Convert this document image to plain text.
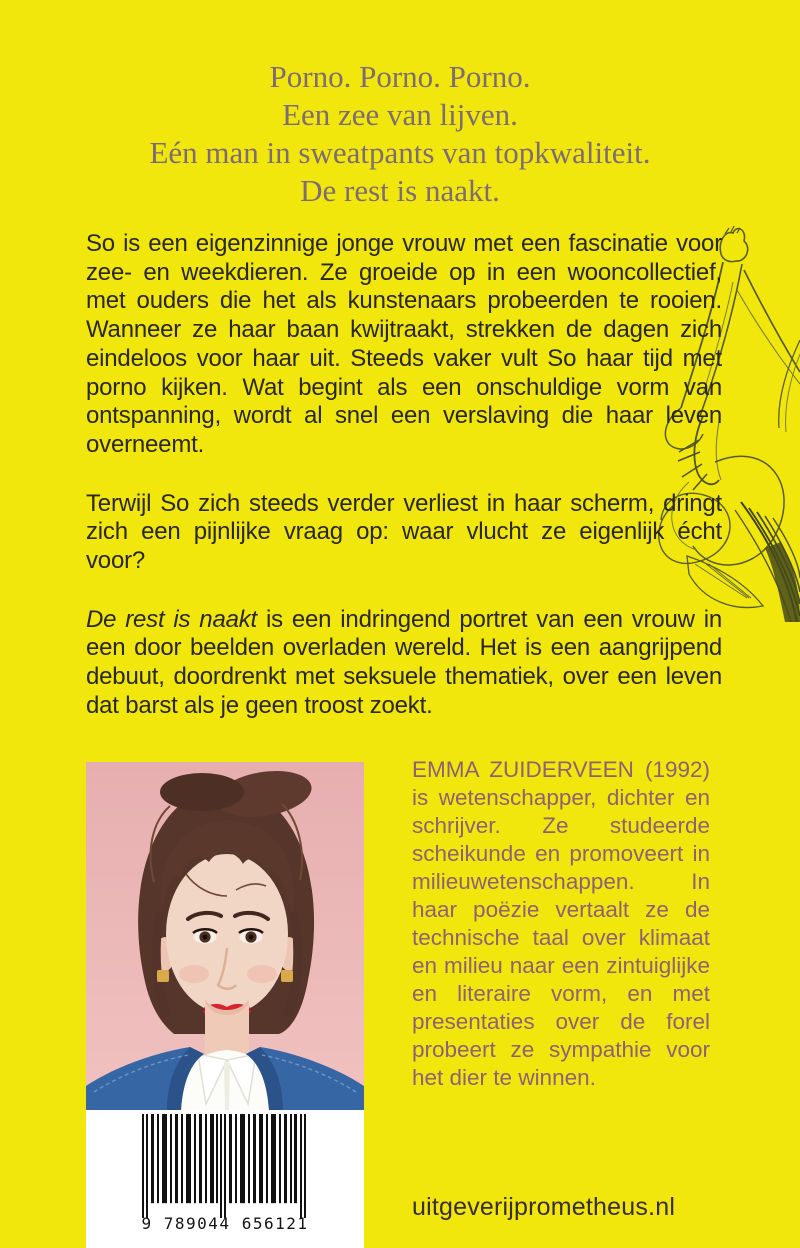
Porno. Porno. Porno.
Een zee van lijven.
Eén man in sweatpants van topkwaliteit.
De rest is naakt.

So is een eigenzinnige jonge vrouw met een fascinatie voor zee- en weekdieren. Ze groeide op in een wooncollectief, met ouders die het als kunstenaars probeerden te rooien. Wanneer ze haar baan kwijtraakt, strekken de dagen zich eindeloos voor haar uit. Steeds vaker vult So haar tijd met porno kijken. Wat begint als een onschuldige vorm van ontspanning, wordt al snel een verslaving die haar leven overneemt.

Terwijl So zich steeds verder verliest in haar scherm, dringt zich een pijnlijke vraag op: waar vlucht ze eigenlijk écht voor?

De rest is naakt is een indringend portret van een vrouw in een door beelden overladen wereld. Het is een aangrijpend debuut, doordrenkt met seksuele thematiek, over een leven dat barst als je geen troost zoekt.

EMMA ZUIDERVEEN (1992) is wetenschapper, dichter en schrijver. Ze studeerde scheikunde en promoveert in milieuwetenschappen. In haar poëzie vertaalt ze de technische taal over klimaat en milieu naar een zintuiglijke en literaire vorm, en met presentaties over de forel probeert ze sympathie voor het dier te winnen.
9 789044 656121
uitgeverijprometheus.nl
